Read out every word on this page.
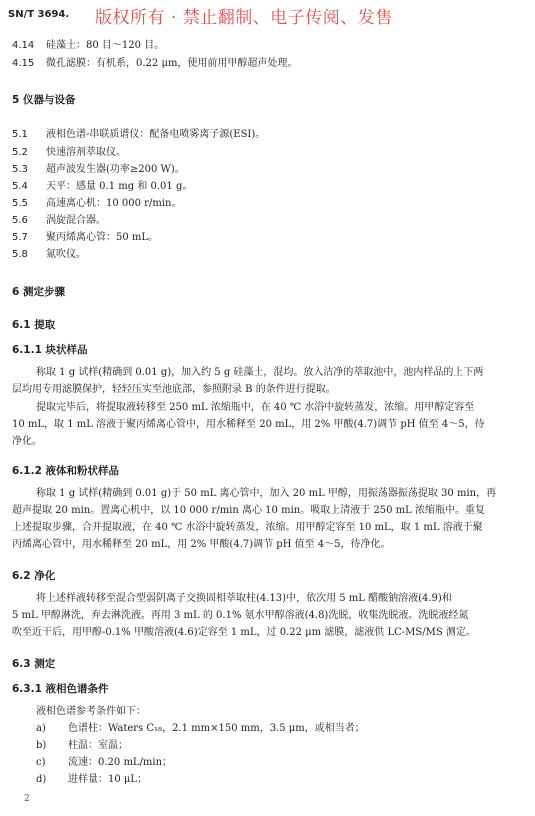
SN/T 3694. 版权所有 · 禁止翻制、电子传阅、发售
4.14 硅藻土：80 目～120 目。
4.15 微孔滤膜：有机系，0.22 μm，使用前用甲醇超声处理。
5 仪器与设备
5.1 液相色谱-串联质谱仪：配备电喷雾离子源(ESI)。
5.2 快速溶剂萃取仪。
5.3 超声波发生器(功率≥200 W)。
5.4 天平：感量 0.1 mg 和 0.01 g。
5.5 高速离心机：10 000 r/min。
5.6 涡旋混合器。
5.7 聚丙烯离心管：50 mL。
5.8 氮吹仪。
6 测定步骤
6.1 提取
6.1.1 块状样品
称取 1 g 试样(精确到 0.01 g)，加入约 5 g 硅藻土，混均。放入洁净的萃取池中，池内样品的上下两
层均用专用滤膜保护，轻轻压实至池底部，参照附录 B 的条件进行提取。
提取完毕后，将提取液转移至 250 mL 浓缩瓶中，在 40 ℃ 水浴中旋转蒸发，浓缩。用甲醇定容至
10 mL，取 1 mL 溶液于聚丙烯离心管中，用水稀释至 20 mL，用 2% 甲酸(4.7)调节 pH 值至 4～5，待
净化。
6.1.2 液体和粉状样品
称取 1 g 试样(精确到 0.01 g)于 50 mL 离心管中，加入 20 mL 甲醇，用振荡器振荡提取 30 min，再
超声提取 20 min。置离心机中，以 10 000 r/min 离心 10 min。吸取上清液于 250 mL 浓缩瓶中。重复
上述提取步骤，合并提取液，在 40 ℃ 水浴中旋转蒸发，浓缩。用甲醇定容至 10 mL，取 1 mL 溶液于聚
丙烯离心管中，用水稀释至 20 mL，用 2% 甲酸(4.7)调节 pH 值至 4～5，待净化。
6.2 净化
将上述样液转移至混合型弱阴离子交换固相萃取柱(4.13)中，依次用 5 mL 醋酸钠溶液(4.9)和
5 mL 甲醇淋洗，弃去淋洗液。再用 3 mL 的 0.1% 氨水甲醇溶液(4.8)洗脱，收集洗脱液。洗脱液经氮
吹至近干后，用甲醇-0.1% 甲酸溶液(4.6)定容至 1 mL，过 0.22 μm 滤膜，滤液供 LC-MS/MS 测定。
6.3 测定
6.3.1 液相色谱条件
液相色谱参考条件如下：
a) 色谱柱：Waters C₁₈，2.1 mm×150 mm，3.5 μm，或相当者；
b) 柱温：室温；
c) 流速：0.20 mL/min；
d) 进样量：10 μL；
2
